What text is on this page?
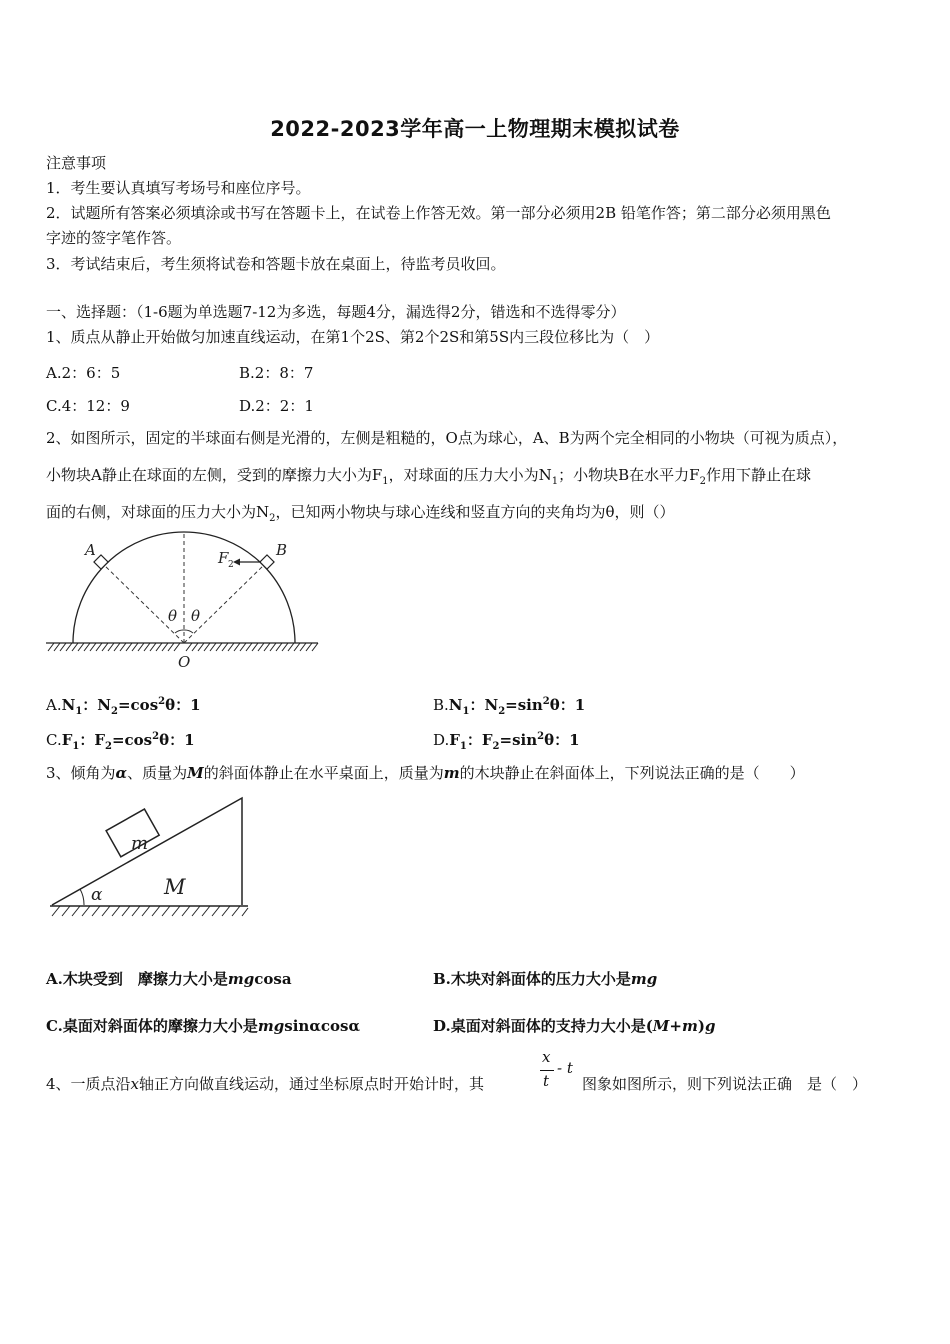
2022-2023学年高一上物理期末模拟试卷
注意事项
1．考生要认真填写考场号和座位序号。
2．试题所有答案必须填涂或书写在答题卡上，在试卷上作答无效。第一部分必须用2B 铅笔作答；第二部分必须用黑色
字迹的签字笔作答。
3．考试结束后，考生须将试卷和答题卡放在桌面上，待监考员收回。
一、选择题：（1-6题为单选题7-12为多选，每题4分，漏选得2分，错选和不选得零分）
1、质点从静止开始做匀加速直线运动，在第1个2S、第2个2S和第5S内三段位移比为（　）
A.2：6：5	B.2：8：7
C.4：12：9	D.2：2：1
2、如图所示，固定的半球面右侧是光滑的，左侧是粗糙的，O点为球心，A、B为两个完全相同的小物块（可视为质点），
小物块A静止在球面的左侧，受到的摩擦力大小为$F_1$，对球面的压力大小为$N_1$；小物块B在水平力$F_2$作用下静止在球
面的右侧，对球面的压力大小为$N_2$，已知两小物块与球心连线和竖直方向的夹角均为θ，则（）
A	B
F 2
θ θ
O
$A.N_1$：$N_2=\cos^2\theta$：1	$B.N_1$：$N_2=\sin^2\theta$：1
$C.F_1$：$F_2=\cos^2\theta$：1	$D.F_1$：$F_2=\sin^2\theta$：1
3、倾角为α、质量为M的斜面体静止在水平桌面上，质量为m的木块静止在斜面体上，下列说法正确的是（　　）
m
M
α
A.木块受到　摩擦力大小是mgcosa	B.木块对斜面体的压力大小是mg
C.桌面对斜面体的摩擦力大小是mgsinαcosα	D.桌面对斜面体的支持力大小是(M+m)g
4、一质点沿x轴正方向做直线运动，通过坐标原点时开始计时，其
x
t
- t
图象如图所示，则下列说法正确　是（　）
